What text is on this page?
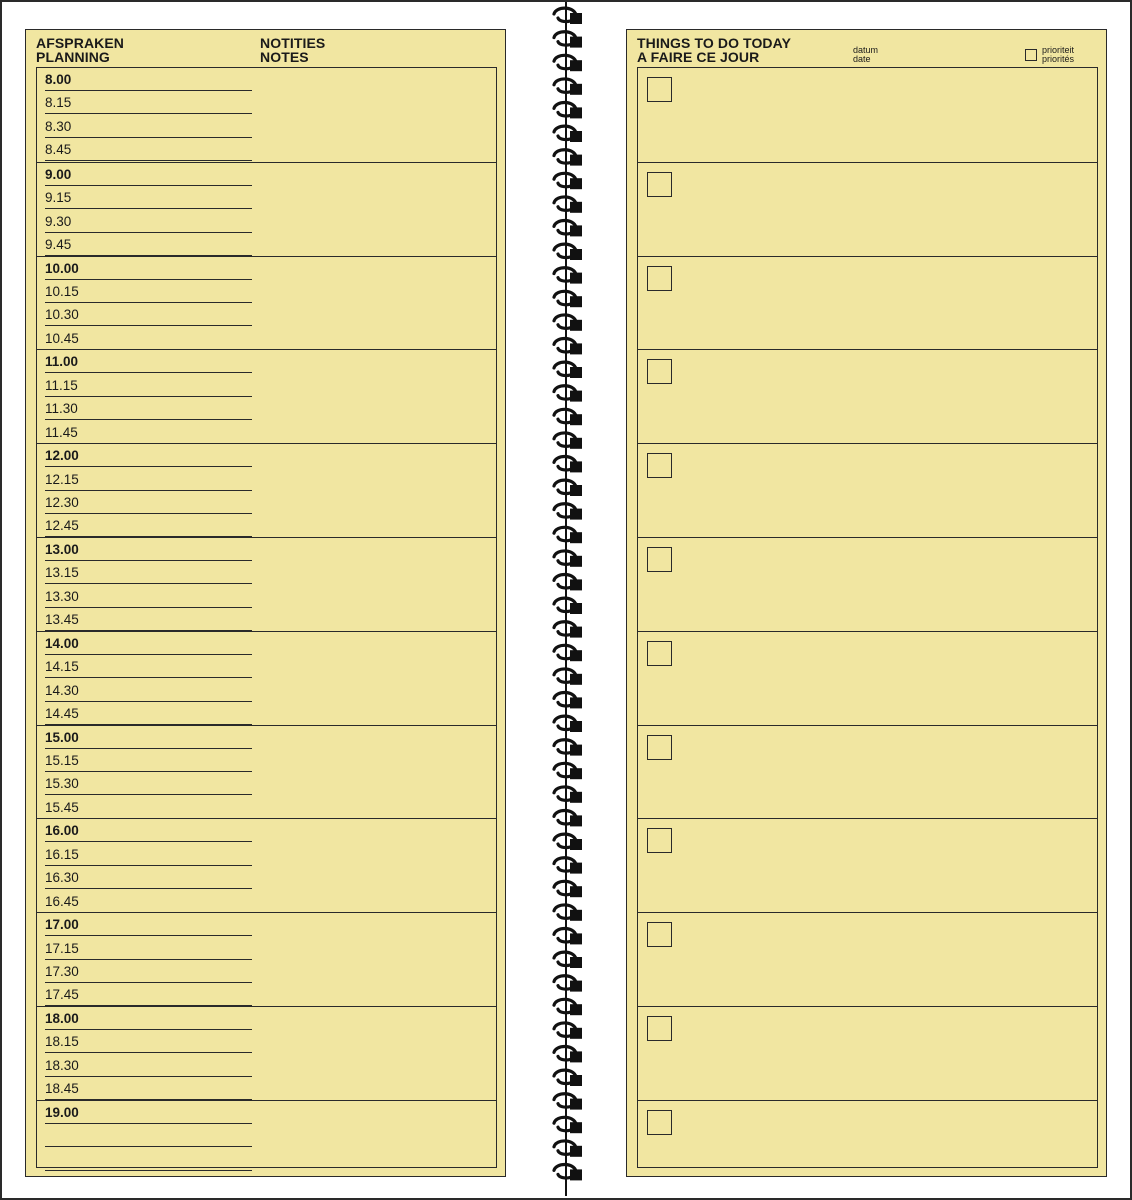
AFSPRAKEN
PLANNING
NOTITIES
NOTES
8.00
8.15
8.30
8.45
9.00
9.15
9.30
9.45
10.00
10.15
10.30
10.45
11.00
11.15
11.30
11.45
12.00
12.15
12.30
12.45
13.00
13.15
13.30
13.45
14.00
14.15
14.30
14.45
15.00
15.15
15.30
15.45
16.00
16.15
16.30
16.45
17.00
17.15
17.30
17.45
18.00
18.15
18.30
18.45
19.00
THINGS TO DO TODAY
A FAIRE CE JOUR	datum
date
prioriteit
priorités
